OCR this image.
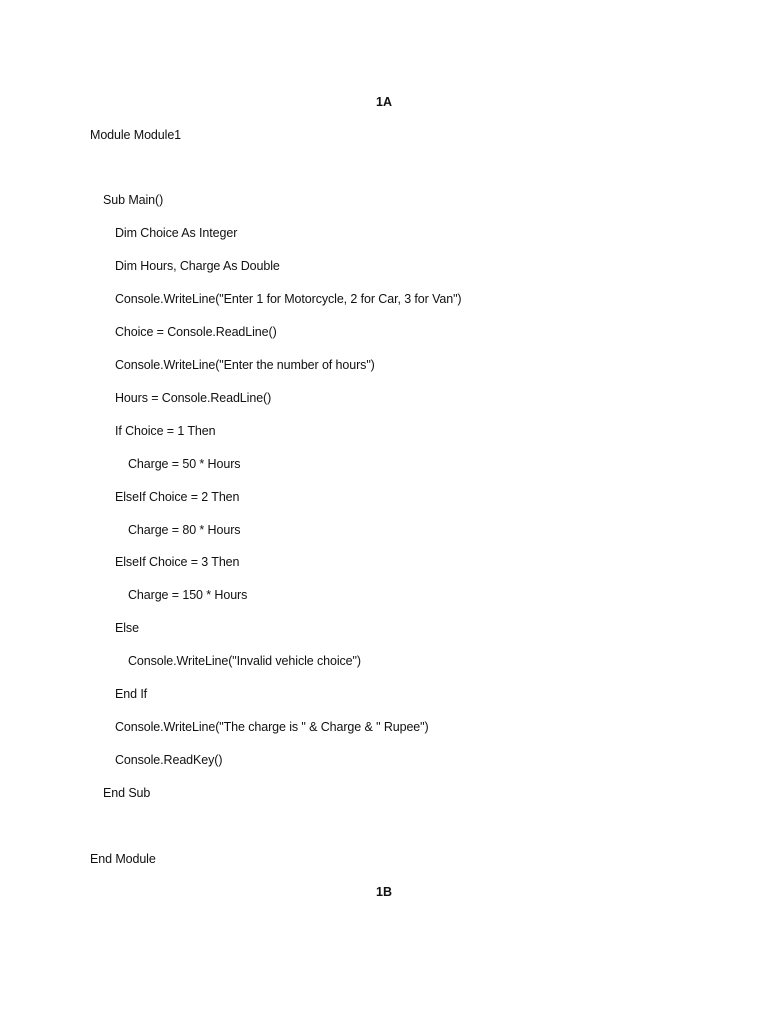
1A
Module Module1
Sub Main()
Dim Choice As Integer
Dim Hours, Charge As Double
Console.WriteLine("Enter 1 for Motorcycle, 2 for Car, 3 for Van")
Choice = Console.ReadLine()
Console.WriteLine("Enter the number of hours")
Hours = Console.ReadLine()
If Choice = 1 Then
Charge = 50 * Hours
ElseIf Choice = 2 Then
Charge = 80 * Hours
ElseIf Choice = 3 Then
Charge = 150 * Hours
Else
Console.WriteLine("Invalid vehicle choice")
End If
Console.WriteLine("The charge is " & Charge & " Rupee")
Console.ReadKey()
End Sub
End Module
1B
